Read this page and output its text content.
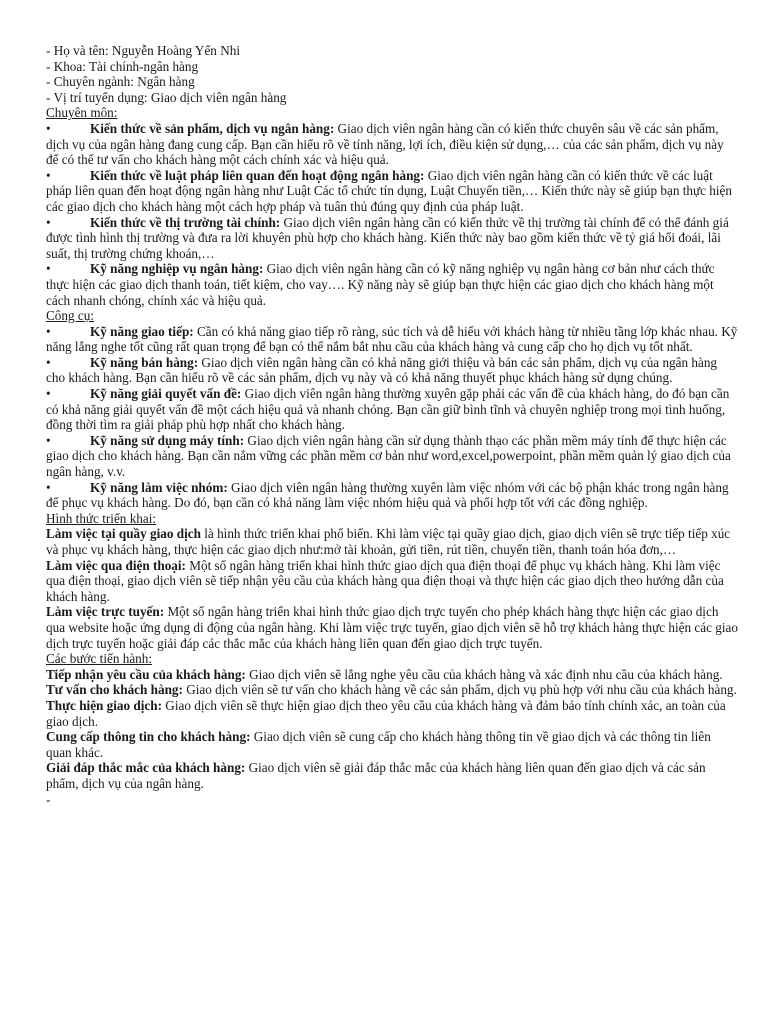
- Họ và tên: Nguyễn Hoàng Yến Nhi

- Khoa: Tài chính-ngân hàng

- Chuyên ngành: Ngân hàng

- Vị trí tuyển dụng: Giao dịch viên ngân hàng

Chuyên môn:

•	Kiến thức về sản phẩm, dịch vụ ngân hàng: Giao dịch viên ngân hàng cần có kiến thức chuyên sâu về các sản phẩm, dịch vụ của ngân hàng đang cung cấp. Bạn cần hiểu rõ về tính năng, lợi ích, điều kiện sử dụng,… của các sản phẩm, dịch vụ này để có thể tư vấn cho khách hàng một cách chính xác và hiệu quả.

•	Kiến thức về luật pháp liên quan đến hoạt động ngân hàng: Giao dịch viên ngân hàng cần có kiến thức về các luật pháp liên quan đến hoạt động ngân hàng như Luật Các tổ chức tín dụng, Luật Chuyển tiền,… Kiến thức này sẽ giúp bạn thực hiện các giao dịch cho khách hàng một cách hợp pháp và tuân thủ đúng quy định của pháp luật.

•	Kiến thức về thị trường tài chính: Giao dịch viên ngân hàng cần có kiến thức về thị trường tài chính để có thể đánh giá được tình hình thị trường và đưa ra lời khuyên phù hợp cho khách hàng. Kiến thức này bao gồm kiến thức về tỷ giá hối đoái, lãi suất, thị trường chứng khoán,…

•	Kỹ năng nghiệp vụ ngân hàng: Giao dịch viên ngân hàng cần có kỹ năng nghiệp vụ ngân hàng cơ bản như cách thức thực hiện các giao dịch thanh toán, tiết kiệm, cho vay…. Kỹ năng này sẽ giúp bạn thực hiện các giao dịch cho khách hàng một cách nhanh chóng, chính xác và hiệu quả.

Công cụ:

•	Kỹ năng giao tiếp: Cần có khả năng giao tiếp rõ ràng, súc tích và dễ hiểu với khách hàng từ nhiều tầng lớp khác nhau. Kỹ năng lắng nghe tốt cũng rất quan trọng để bạn có thể nắm bắt nhu cầu của khách hàng và cung cấp cho họ dịch vụ tốt nhất.

•	Kỹ năng bán hàng: Giao dịch viên ngân hàng cần có khả năng giới thiệu và bán các sản phẩm, dịch vụ của ngân hàng cho khách hàng. Bạn cần hiểu rõ về các sản phẩm, dịch vụ này và có khả năng thuyết phục khách hàng sử dụng chúng.

•	Kỹ năng giải quyết vấn đề: Giao dịch viên ngân hàng thường xuyên gặp phải các vấn đề của khách hàng, do đó bạn cần có khả năng giải quyết vấn đề một cách hiệu quả và nhanh chóng. Bạn cần giữ bình tĩnh và chuyên nghiệp trong mọi tình huống, đồng thời tìm ra giải pháp phù hợp nhất cho khách hàng.

•	Kỹ năng sử dụng máy tính: Giao dịch viên ngân hàng cần sử dụng thành thạo các phần mềm máy tính để thực hiện các giao dịch cho khách hàng. Bạn cần nắm vững các phần mềm cơ bản như word,excel,powerpoint, phần mềm quản lý giao dịch của ngân hàng, v.v.

•	Kỹ năng làm việc nhóm: Giao dịch viên ngân hàng thường xuyên làm việc nhóm với các bộ phận khác trong ngân hàng để phục vụ khách hàng. Do đó, bạn cần có khả năng làm việc nhóm hiệu quả và phối hợp tốt với các đồng nghiệp.

Hình thức triển khai:

Làm việc tại quầy giao dịch là hình thức triển khai phổ biến. Khi làm việc tại quầy giao dịch, giao dịch viên sẽ trực tiếp tiếp xúc và phục vụ khách hàng, thực hiện các giao dịch như:mở tài khoản, gửi tiền, rút tiền, chuyển tiền, thanh toán hóa đơn,…

Làm việc qua điện thoại: Một số ngân hàng triển khai hình thức giao dịch qua điện thoại để phục vụ khách hàng. Khi làm việc qua điện thoại, giao dịch viên sẽ tiếp nhận yêu cầu của khách hàng qua điện thoại và thực hiện các giao dịch theo hướng dẫn của khách hàng.

Làm việc trực tuyến: Một số ngân hàng triển khai hình thức giao dịch trực tuyến cho phép khách hàng thực hiện các giao dịch qua website hoặc ứng dụng di động của ngân hàng. Khi làm việc trực tuyến, giao dịch viên sẽ hỗ trợ khách hàng thực hiện các giao dịch trực tuyến hoặc giải đáp các thắc mắc của khách hàng liên quan đến giao dịch trực tuyến.

Các bước tiến hành:

Tiếp nhận yêu cầu của khách hàng: Giao dịch viên sẽ lắng nghe yêu cầu của khách hàng và xác định nhu cầu của khách hàng.

Tư vấn cho khách hàng: Giao dịch viên sẽ tư vấn cho khách hàng về các sản phẩm, dịch vụ phù hợp với nhu cầu của khách hàng.

Thực hiện giao dịch: Giao dịch viên sẽ thực hiện giao dịch theo yêu cầu của khách hàng và đảm bảo tính chính xác, an toàn của giao dịch.

Cung cấp thông tin cho khách hàng: Giao dịch viên sẽ cung cấp cho khách hàng thông tin về giao dịch và các thông tin liên quan khác.

Giải đáp thắc mắc của khách hàng: Giao dịch viên sẽ giải đáp thắc mắc của khách hàng liên quan đến giao dịch và các sản phẩm, dịch vụ của ngân hàng.

-
